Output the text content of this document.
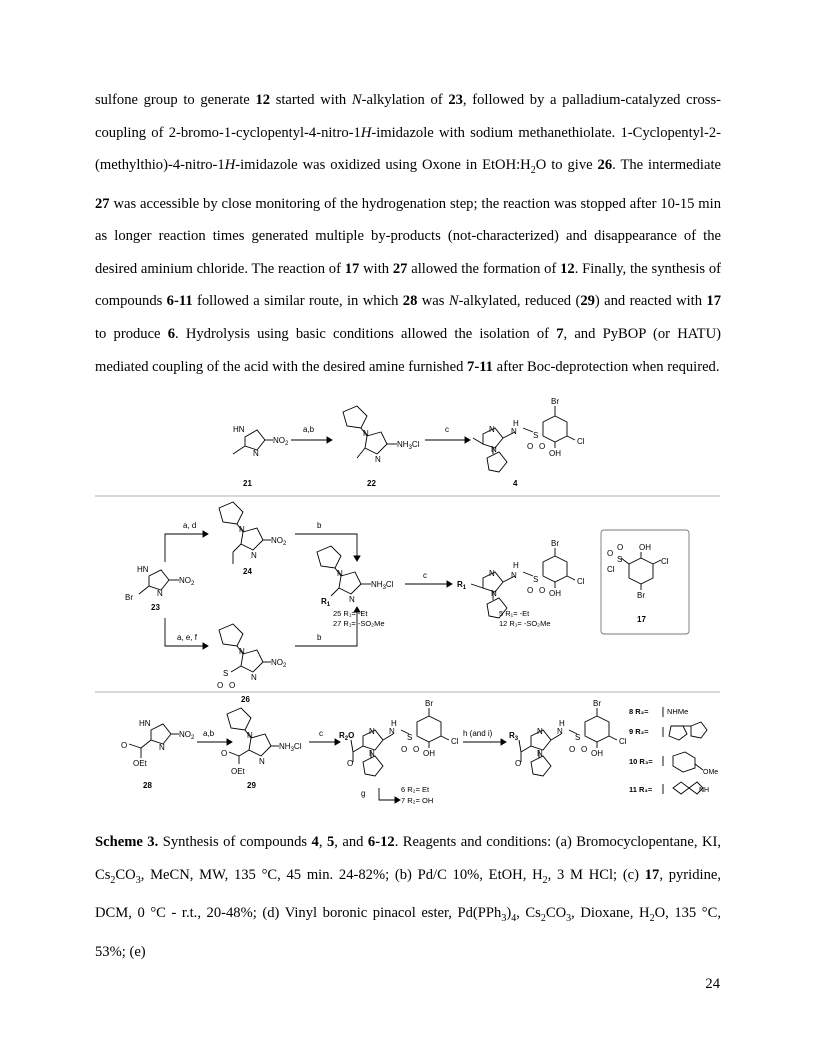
sulfone group to generate 12 started with N-alkylation of 23, followed by a palladium-catalyzed cross-coupling of 2-bromo-1-cyclopentyl-4-nitro-1H-imidazole with sodium methanethiolate. 1-Cyclopentyl-2-(methylthio)-4-nitro-1H-imidazole was oxidized using Oxone in $EtOH:H_2O$ to give 26. The intermediate 27 was accessible by close monitoring of the hydrogenation step; the reaction was stopped after 10-15 min as longer reaction times generated multiple by-products (not-characterized) and disappearance of the desired aminium chloride. The reaction of 17 with 27 allowed the formation of 12. Finally, the synthesis of compounds 6-11 followed a similar route, in which 28 was N-alkylated, reduced (29) and reacted with 17 to produce 6. Hydrolysis using basic conditions allowed the isolation of 7, and PyBOP (or HATU) mediated coupling of the acid with the desired amine furnished 7-11 after Boc-deprotection when required.

HN
N
$NO_2$
21
a,b	N
N
$NH_3Cl$
22
c	N
N
H
N S
O O
Br
Cl
OH
4
HN
N
Br
$NO_2$
23
a, d
a, e, f
N
N
$NO_2$
24
N
N
S
O O
$NO_2$
26
b
b
N
N
$R_1$
$NH_3Cl$
25 R₁= -Et
27 R₁= -SO₂Me
c
$R_1$
N
N
H
N S
O O
Br
Cl
OH
5 R₁= -Et
12 R₁= -SO₂Me
O
O
S
Cl
OH
Cl
Br
17
HN
N
O
OEt
$NO_2$
28
a,b	N
N
O
OEt
$NH_3Cl$
29
c $R_2O$
O
N
N
H
N
S
O O
Br
Cl
OH
g	6 R₂= Et
7 R₂= OH
h (and i) $R_3$
O
N
N
H
N
S
O O
Br
Cl
OH
8 R₃= NHMe
9 R₃=
10 R₃=
OMe
11 R₃=	NH

Scheme 3. Synthesis of compounds 4, 5, and 6-12. Reagents and conditions: (a) Bromocyclopentane, KI, $Cs_2CO_3$, MeCN, MW, 135 °C, 45 min. 24-82%; (b) Pd/C 10%, EtOH, $H_2$, 3 M HCl; (c) 17, pyridine, DCM, 0 °C - r.t., 20-48%; (d) Vinyl boronic pinacol ester, $Pd(PPh_3)_4$, $Cs_2CO_3$, Dioxane, $H_2O$, 135 °C, 53%; (e)

24
